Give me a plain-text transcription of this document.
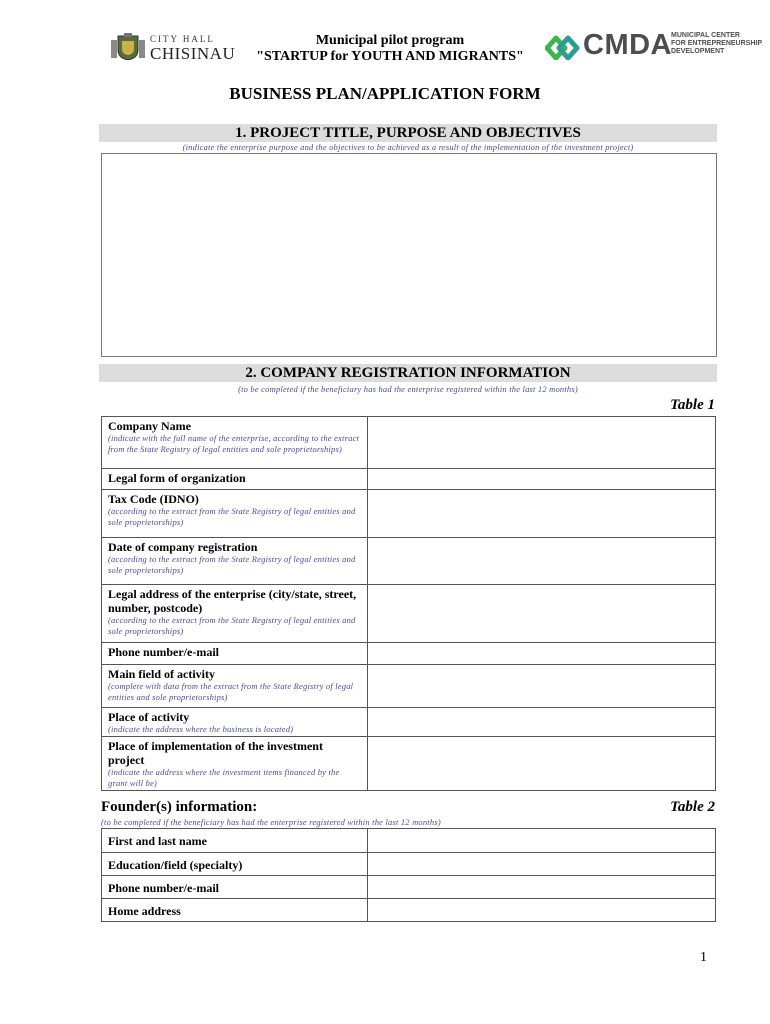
CITY HALL
CHISINAU
Municipal pilot program
"STARTUP for YOUTH AND MIGRANTS" CMDA MUNICIPAL CENTER
FOR ENTREPRENEURSHIP
DEVELOPMENT
BUSINESS PLAN/APPLICATION FORM
1. PROJECT TITLE, PURPOSE AND OBJECTIVES
(indicate the enterprise purpose and the objectives to be achieved as a result of the implementation of the investment project)
2. COMPANY REGISTRATION INFORMATION
(to be completed if the beneficiary has had the enterprise registered within the last 12 months)
Table 1
Company Name
(indicate with the full name of the enterprise, according to the extract from the State Registry of legal entities and sole proprietorships)	

Legal form of organization	

Tax Code (IDNO)
(according to the extract from the State Registry of legal entities and sole proprietorships)	

Date of company registration
(according to the extract from the State Registry of legal entities and sole proprietorships)	

Legal address of the enterprise (city/state, street, number, postcode)
(according to the extract from the State Registry of legal entities and sole proprietorships)	

Phone number/e-mail	

Main field of activity
(complete with data from the extract from the State Registry of legal entities and sole proprietorships)	

Place of activity
(indicate the address where the business is located)	

Place of implementation of the investment project
(indicate the address where the investment items financed by the grant will be)	

Founder(s) information:	Table 2
(to be completed if the beneficiary has had the enterprise registered within the last 12 months)
First and last name	

Education/field (specialty)	

Phone number/e-mail	

Home address	

1
